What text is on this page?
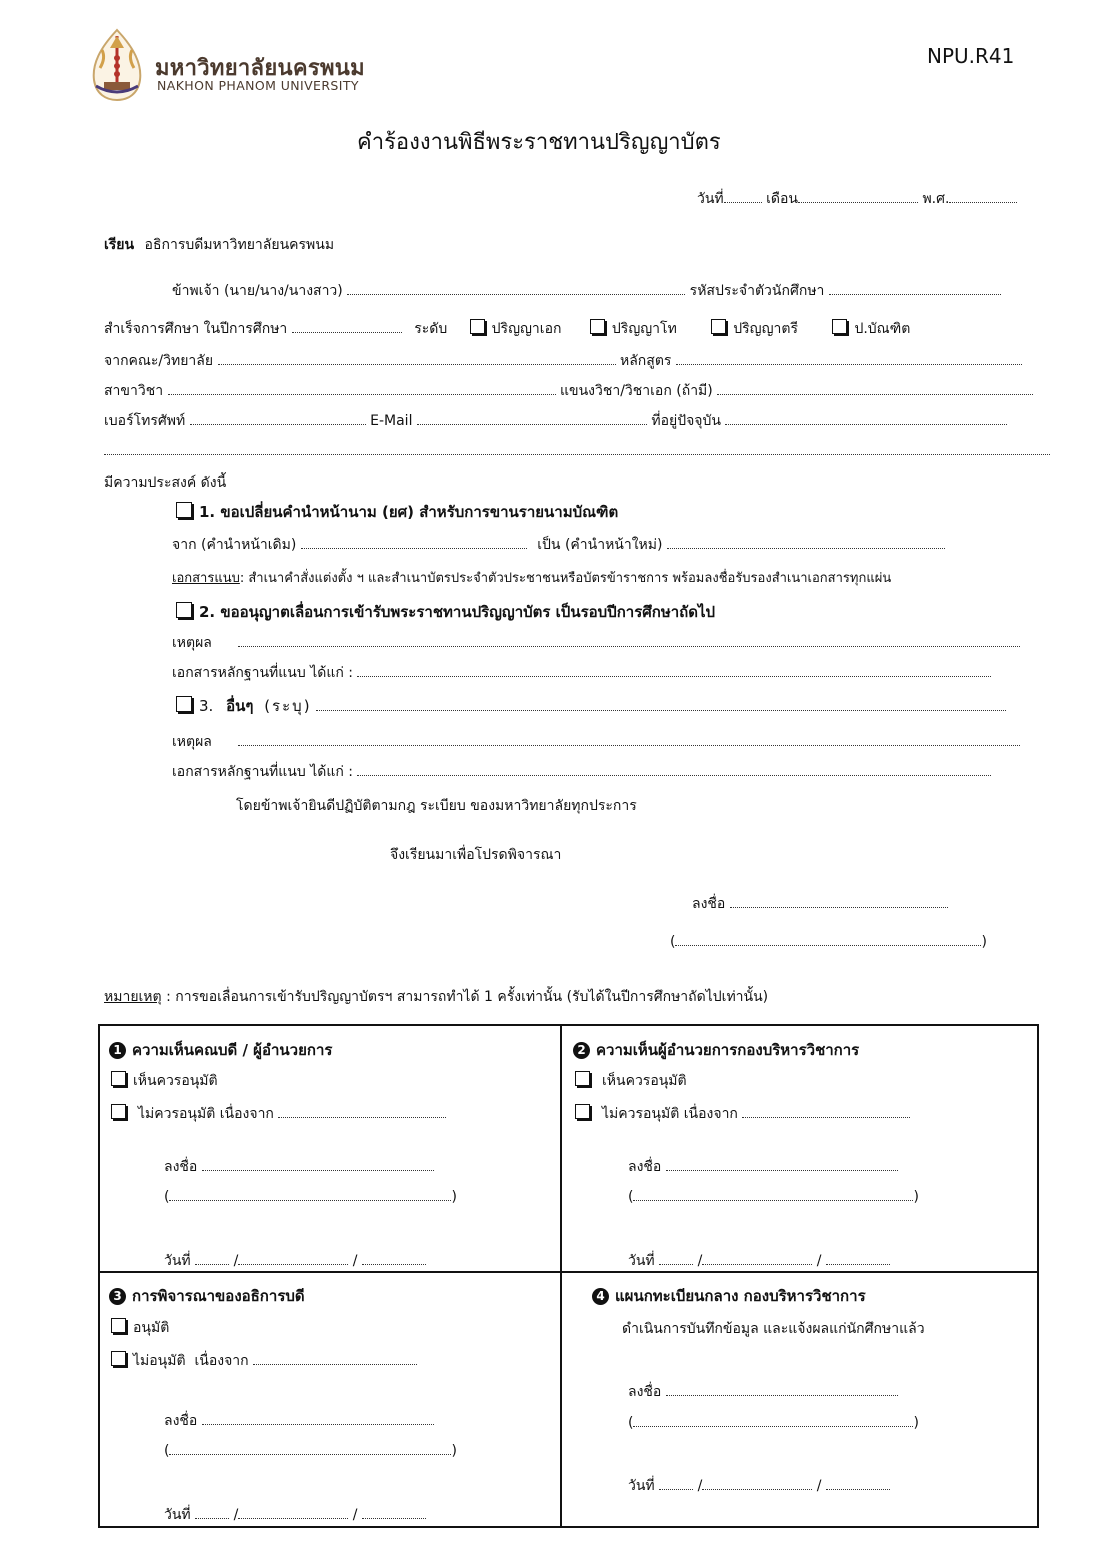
มหาวิทยาลัยนครพนม
NAKHON PHANOM UNIVERSITY
NPU.R41
คำร้องงานพิธีพระราชทานปริญญาบัตร
วันที่	เดือน	พ.ศ.
เรียน อธิการบดีมหาวิทยาลัยนครพนม
ข้าพเจ้า (นาย/นาง/นางสาว)	รหัสประจำตัวนักศึกษา
สำเร็จการศึกษา ในปีการศึกษา	ระดับ	ปริญญาเอก	ปริญญาโท	ปริญญาตรี	ป.บัณฑิต
จากคณะ/วิทยาลัย	หลักสูตร
สาขาวิชา	แขนงวิชา/วิชาเอก (ถ้ามี)
เบอร์โทรศัพท์	E-Mail	ที่อยู่ปัจจุบัน
มีความประสงค์ ดังนี้
1. ขอเปลี่ยนคำนำหน้านาม (ยศ) สำหรับการขานรายนามบัณฑิต
จาก (คำนำหน้าเดิม)	เป็น (คำนำหน้าใหม่)
เอกสารแนบ: สำเนาคำสั่งแต่งตั้ง ฯ และสำเนาบัตรประจำตัวประชาชนหรือบัตรข้าราชการ พร้อมลงชื่อรับรองสำเนาเอกสารทุกแผ่น
2. ขออนุญาตเลื่อนการเข้ารับพระราชทานปริญญาบัตร เป็นรอบปีการศึกษาถัดไป
เหตุผล
เอกสารหลักฐานที่แนบ ได้แก่ :
3. อื่นๆ (ระบุ)
เหตุผล
เอกสารหลักฐานที่แนบ ได้แก่ :
โดยข้าพเจ้ายินดีปฏิบัติตามกฎ ระเบียบ ของมหาวิทยาลัยทุกประการ
จึงเรียนมาเพื่อโปรดพิจารณา
ลงชื่อ
(	)
หมายเหตุ : การขอเลื่อนการเข้ารับปริญญาบัตรฯ สามารถทำได้ 1 ครั้งเท่านั้น (รับได้ในปีการศึกษาถัดไปเท่านั้น)
1 ความเห็นคณบดี / ผู้อำนวยการ
เห็นควรอนุมัติ
ไม่ควรอนุมัติ เนื่องจาก
ลงชื่อ
(	)
วันที่	/	/
2 ความเห็นผู้อำนวยการกองบริหารวิชาการ
เห็นควรอนุมัติ
ไม่ควรอนุมัติ เนื่องจาก
ลงชื่อ
(	)
วันที่	/	/
3 การพิจารณาของอธิการบดี
อนุมัติ
ไม่อนุมัติ  เนื่องจาก
ลงชื่อ
(	)
วันที่	/	/
4 แผนกทะเบียนกลาง กองบริหารวิชาการ
ดำเนินการบันทึกข้อมูล และแจ้งผลแก่นักศึกษาแล้ว
ลงชื่อ
(	)
วันที่	/	/
